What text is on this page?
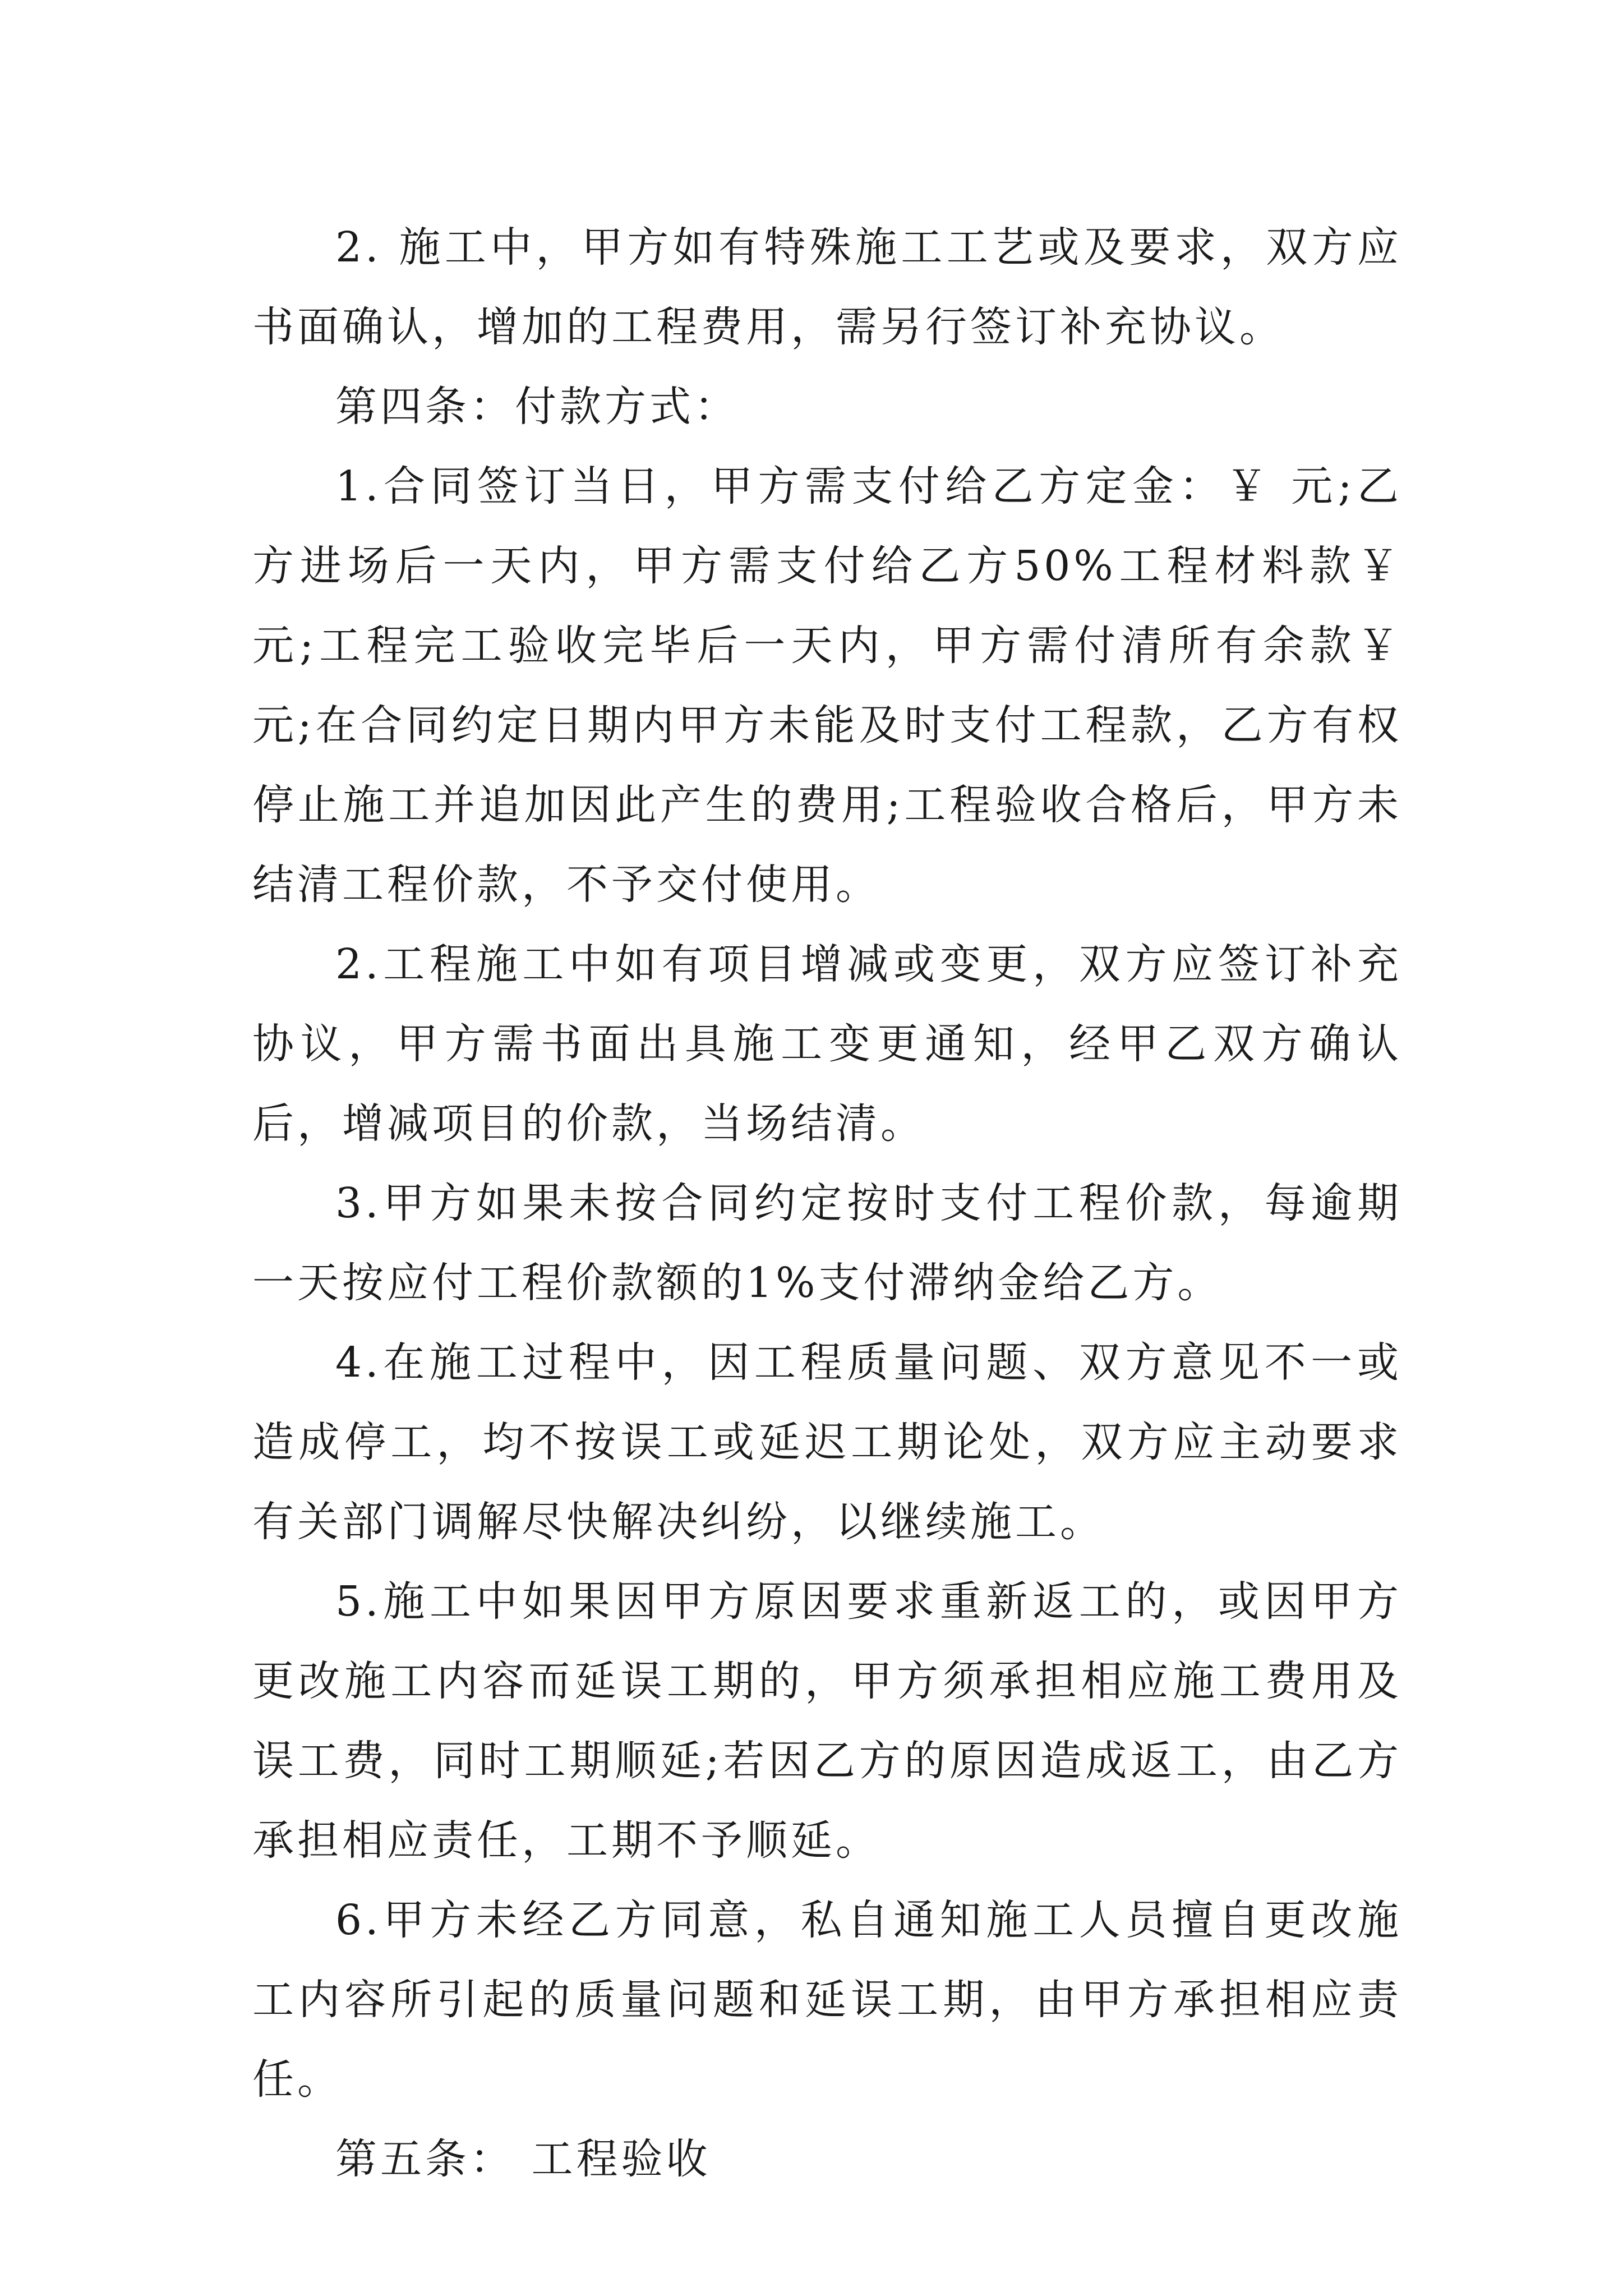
2. 施工中，甲方如有特殊施工工艺或及要求，双方应书面确认，增加的工程费用，需另行签订补充协议。

第四条：付款方式：

1.合同签订当日，甲方需支付给乙方定金：￥ 元;乙方进场后一天内，甲方需支付给乙方50%工程材料款￥ 元;工程完工验收完毕后一天内，甲方需付清所有余款￥ 元;在合同约定日期内甲方未能及时支付工程款，乙方有权停止施工并追加因此产生的费用;工程验收合格后，甲方未结清工程价款，不予交付使用。

2.工程施工中如有项目增减或变更，双方应签订补充协议，甲方需书面出具施工变更通知，经甲乙双方确认后，增减项目的价款，当场结清。

3.甲方如果未按合同约定按时支付工程价款，每逾期一天按应付工程价款额的1%支付滞纳金给乙方。

4.在施工过程中，因工程质量问题、双方意见不一或造成停工，均不按误工或延迟工期论处，双方应主动要求有关部门调解尽快解决纠纷，以继续施工。

5.施工中如果因甲方原因要求重新返工的，或因甲方更改施工内容而延误工期的，甲方须承担相应施工费用及误工费，同时工期顺延;若因乙方的原因造成返工，由乙方承担相应责任，工期不予顺延。

6.甲方未经乙方同意，私自通知施工人员擅自更改施工内容所引起的质量问题和延误工期，由甲方承担相应责任。

第五条： 工程验收
